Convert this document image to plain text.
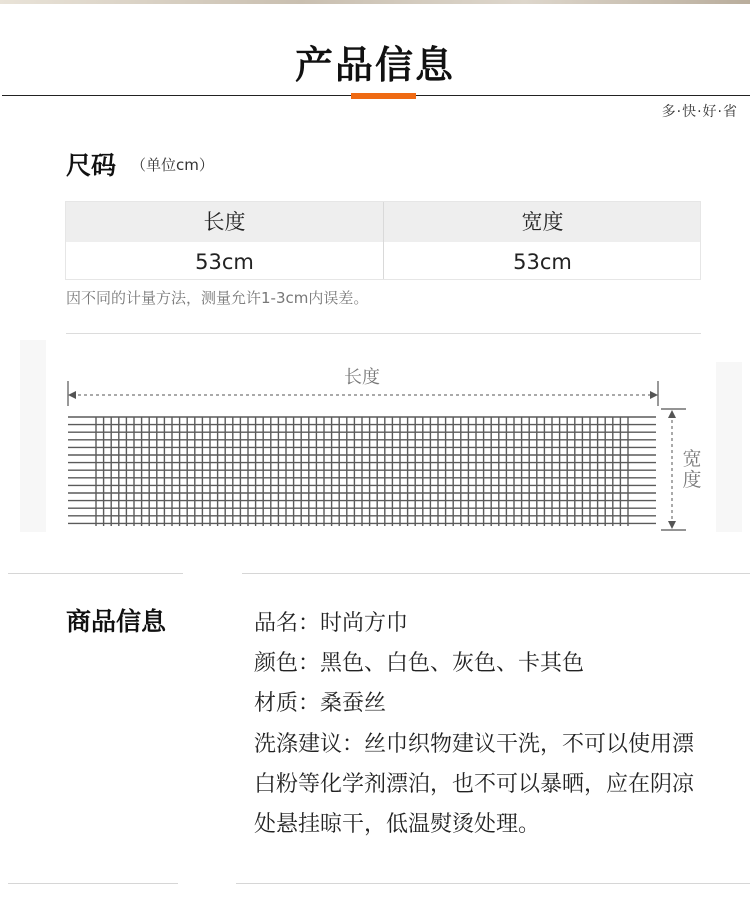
产品信息
多·快·好·省
尺码 （单位cm）
长度	宽度
53cm	53cm
因不同的计量方法，测量允许1-3cm内误差。
长度
宽度
商品信息	品名：时尚方巾
颜色：黑色、白色、灰色、卡其色
材质：桑蚕丝
洗涤建议：丝巾织物建议干洗，不可以使用漂
白粉等化学剂漂泊，也不可以暴晒，应在阴凉
处悬挂晾干，低温熨烫处理。
